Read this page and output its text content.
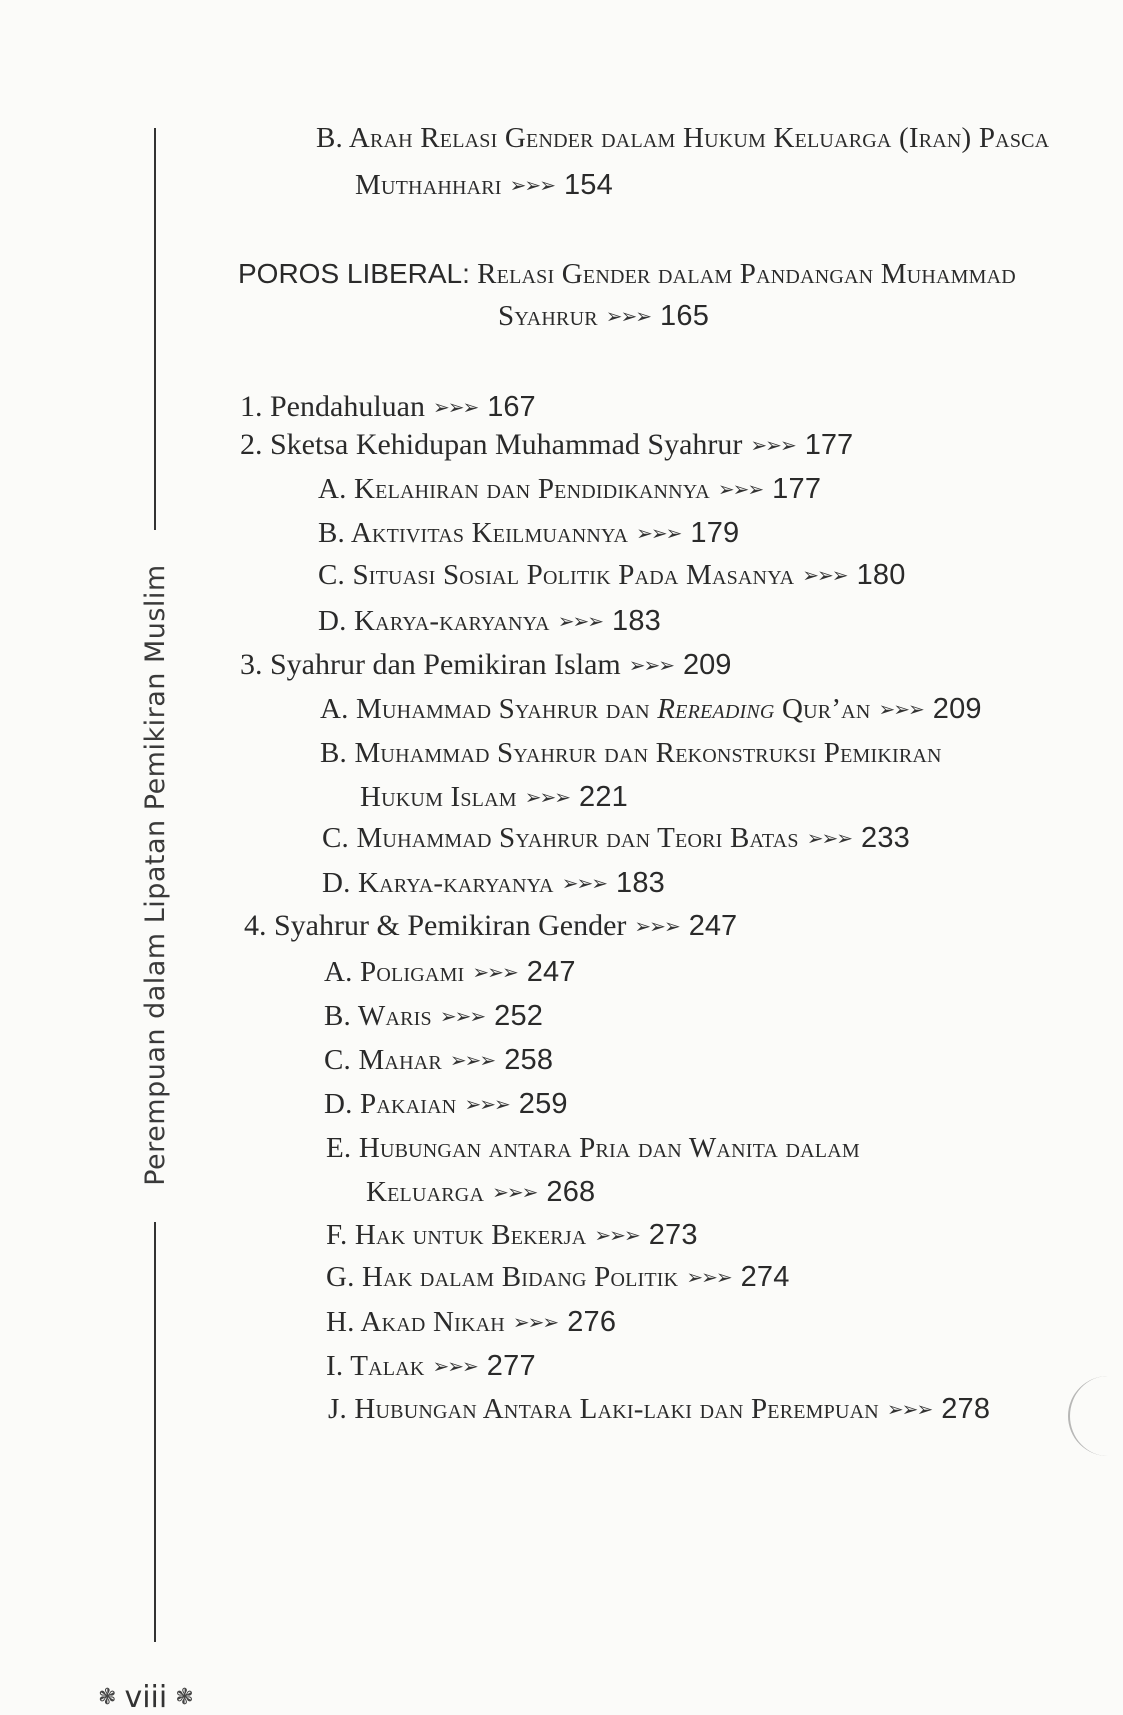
Perempuan dalam Lipatan Pemikiran Muslim
❃ viii ❃
B. Arah Relasi Gender dalam Hukum Keluarga (Iran) Pasca
Muthahhari ➢➢➢ 154
POROS LIBERAL: Relasi Gender dalam Pandangan Muhammad
Syahrur ➢➢➢ 165
1. Pendahuluan ➢➢➢ 167
2. Sketsa Kehidupan Muhammad Syahrur ➢➢➢ 177
A. Kelahiran dan Pendidikannya ➢➢➢ 177
B. Aktivitas Keilmuannya ➢➢➢ 179
C. Situasi Sosial Politik Pada Masanya ➢➢➢ 180
D. Karya-karyanya ➢➢➢ 183
3. Syahrur dan Pemikiran Islam ➢➢➢ 209
A. Muhammad Syahrur dan Rereading Qur’an ➢➢➢ 209
B. Muhammad Syahrur dan Rekonstruksi Pemikiran
Hukum Islam ➢➢➢ 221
C. Muhammad Syahrur dan Teori Batas ➢➢➢ 233
D. Karya-karyanya ➢➢➢ 183
4. Syahrur & Pemikiran Gender ➢➢➢ 247
A. Poligami ➢➢➢ 247
B. Waris ➢➢➢ 252
C. Mahar ➢➢➢ 258
D. Pakaian ➢➢➢ 259
E. Hubungan antara Pria dan Wanita dalam
Keluarga ➢➢➢ 268
F. Hak untuk Bekerja ➢➢➢ 273
G. Hak dalam Bidang Politik ➢➢➢ 274
H. Akad Nikah ➢➢➢ 276
I. Talak ➢➢➢ 277
J. Hubungan Antara Laki-laki dan Perempuan ➢➢➢ 278
